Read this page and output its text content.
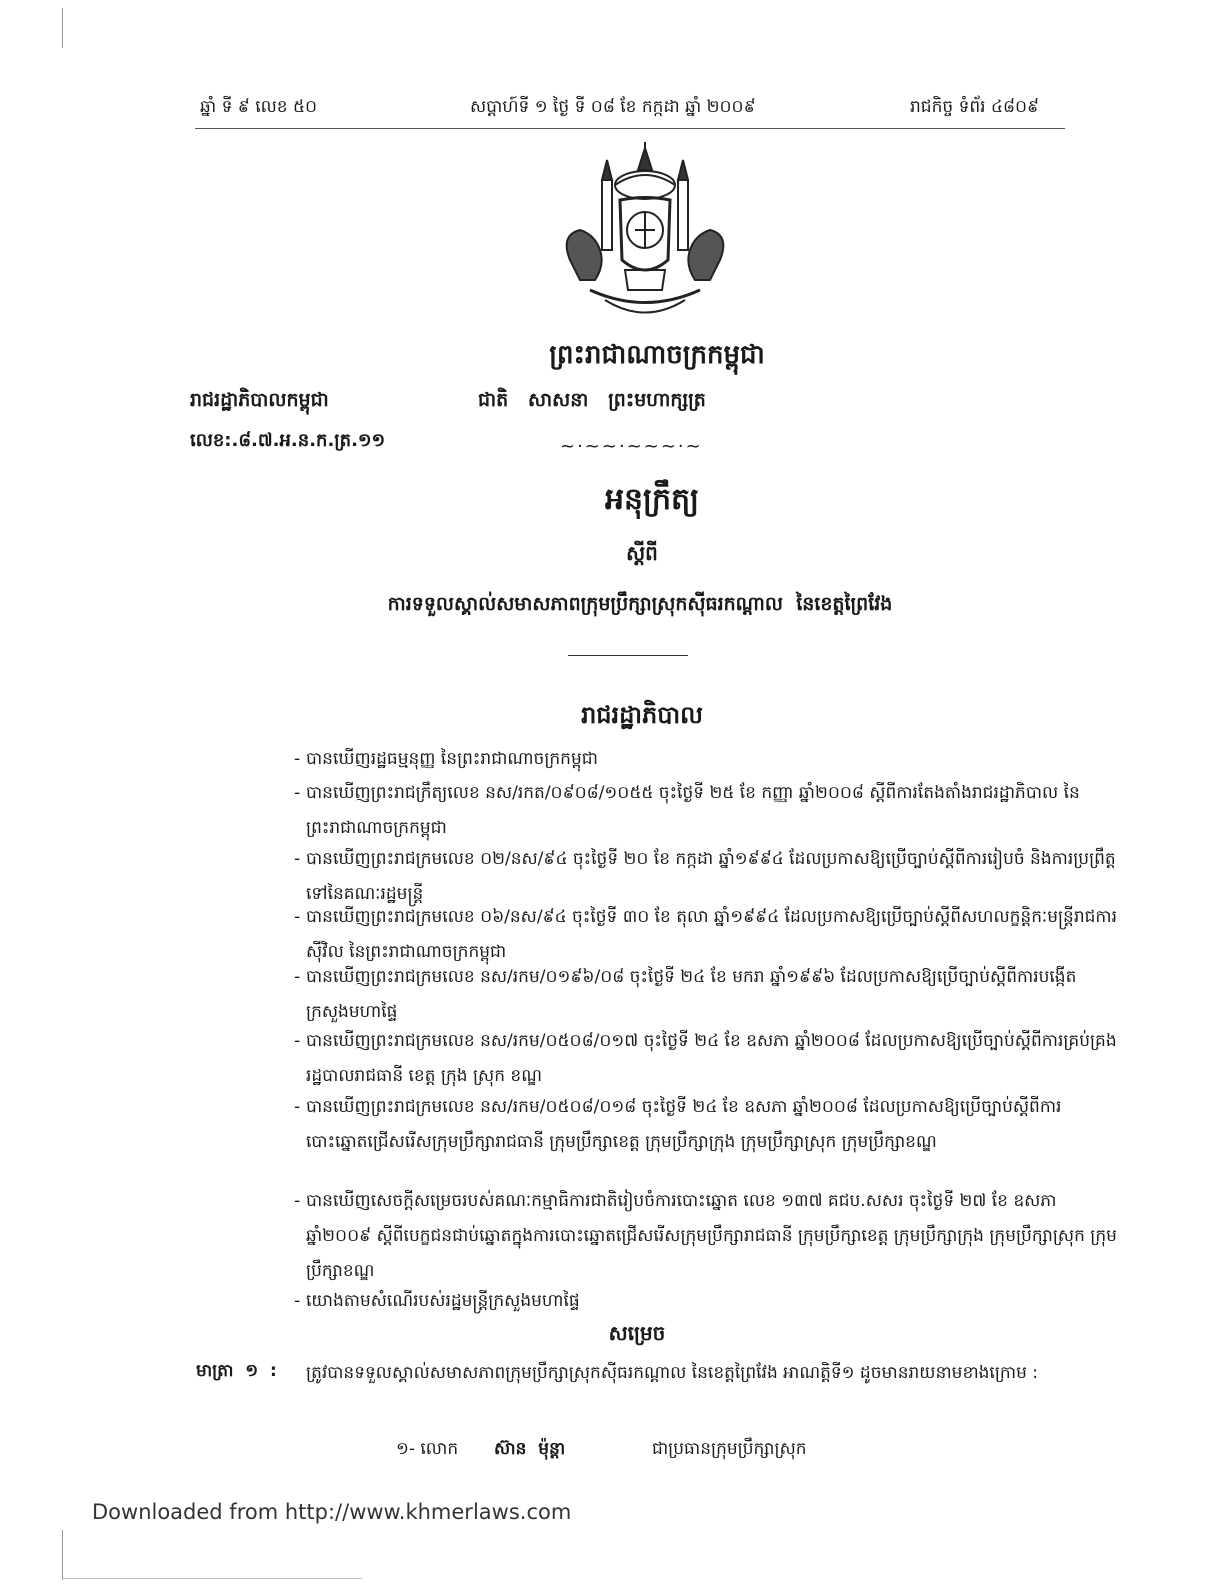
ឆ្នាំ ទី ៩ លេខ ៥០	សប្តាហ៍ទី ១ ថ្ងៃ ទី ០៨ ខែ កក្កដា ឆ្នាំ ២០០៩	រាជកិច្ច ទំព័រ ៤៨០៩
ព្រះរាជាណាចក្រកម្ពុជា
រាជរដ្ឋាភិបាលកម្ពុជា	ជាតិ   សាសនា   ព្រះមហាក្សត្រ
លេខ:.៨.៧.អ.ន.ក.ត្រ.១១	~·~~·~~~·~
អនុក្រឹត្យ
ស្តីពី
ការទទួលស្គាល់សមាសភាពក្រុមប្រឹក្សាស្រុកស៊ីធរកណ្តាល  នៃខេត្តព្រៃវែង
រាជរដ្ឋាភិបាល
- បានឃើញរដ្ឋធម្មនុញ្ញ នៃព្រះរាជាណាចក្រកម្ពុជា
- បានឃើញព្រះរាជក្រឹត្យលេខ នស/រកត/០៩០៨/១០៥៥ ចុះថ្ងៃទី ២៥ ខែ កញ្ញា ឆ្នាំ២០០៨ ស្តីពីការតែងតាំងរាជរដ្ឋាភិបាល នៃព្រះរាជាណាចក្រកម្ពុជា
- បានឃើញព្រះរាជក្រមលេខ ០២/នស/៩៤ ចុះថ្ងៃទី ២០ ខែ កក្កដា ឆ្នាំ១៩៩៤ ដែលប្រកាសឱ្យប្រើច្បាប់ស្តីពីការរៀបចំ និងការប្រព្រឹត្តទៅនៃគណៈរដ្ឋមន្ត្រី
- បានឃើញព្រះរាជក្រមលេខ ០៦/នស/៩៤ ចុះថ្ងៃទី ៣០ ខែ តុលា ឆ្នាំ១៩៩៤ ដែលប្រកាសឱ្យប្រើច្បាប់ស្តីពីសហលក្ខន្តិកៈមន្ត្រីរាជការស៊ីវិល នៃព្រះរាជាណាចក្រកម្ពុជា
- បានឃើញព្រះរាជក្រមលេខ នស/រកម/០១៩៦/០៨ ចុះថ្ងៃទី ២៤ ខែ មករា ឆ្នាំ១៩៩៦ ដែលប្រកាសឱ្យប្រើច្បាប់ស្តីពីការបង្កើតក្រសួងមហាផ្ទៃ
- បានឃើញព្រះរាជក្រមលេខ នស/រកម/០៥០៨/០១៧ ចុះថ្ងៃទី ២៤ ខែ ឧសភា ឆ្នាំ២០០៨ ដែលប្រកាសឱ្យប្រើច្បាប់ស្តីពីការគ្រប់គ្រងរដ្ឋបាលរាជធានី ខេត្ត ក្រុង ស្រុក ខណ្ឌ
- បានឃើញព្រះរាជក្រមលេខ នស/រកម/០៥០៨/០១៨ ចុះថ្ងៃទី ២៤ ខែ ឧសភា ឆ្នាំ២០០៨ ដែលប្រកាសឱ្យប្រើច្បាប់ស្តីពីការបោះឆ្នោតជ្រើសរើសក្រុមប្រឹក្សារាជធានី ក្រុមប្រឹក្សាខេត្ត ក្រុមប្រឹក្សាក្រុង ក្រុមប្រឹក្សាស្រុក ក្រុមប្រឹក្សាខណ្ឌ
- បានឃើញសេចក្តីសម្រេចរបស់គណៈកម្មាធិការជាតិរៀបចំការបោះឆ្នោត លេខ ១៣៧ គជប.សសរ ចុះថ្ងៃទី ២៧ ខែ ឧសភា ឆ្នាំ២០០៩ ស្តីពីបេក្ខជនជាប់ឆ្នោតក្នុងការបោះឆ្នោតជ្រើសរើសក្រុមប្រឹក្សារាជធានី ក្រុមប្រឹក្សាខេត្ត ក្រុមប្រឹក្សាក្រុង ក្រុមប្រឹក្សាស្រុក ក្រុមប្រឹក្សាខណ្ឌ
- យោងតាមសំណើរបស់រដ្ឋមន្ត្រីក្រសួងមហាផ្ទៃ
សម្រេច
មាត្រា  ១  : ត្រូវបានទទួលស្គាល់សមាសភាពក្រុមប្រឹក្សាស្រុកស៊ីធរកណ្តាល នៃខេត្តព្រៃវែង អាណត្តិទី១ ដូចមានរាយនាមខាងក្រោម :
១- លោក ស៊ាន  ម៉ុន្តា	ជាប្រធានក្រុមប្រឹក្សាស្រុក
Downloaded from http://www.khmerlaws.com
